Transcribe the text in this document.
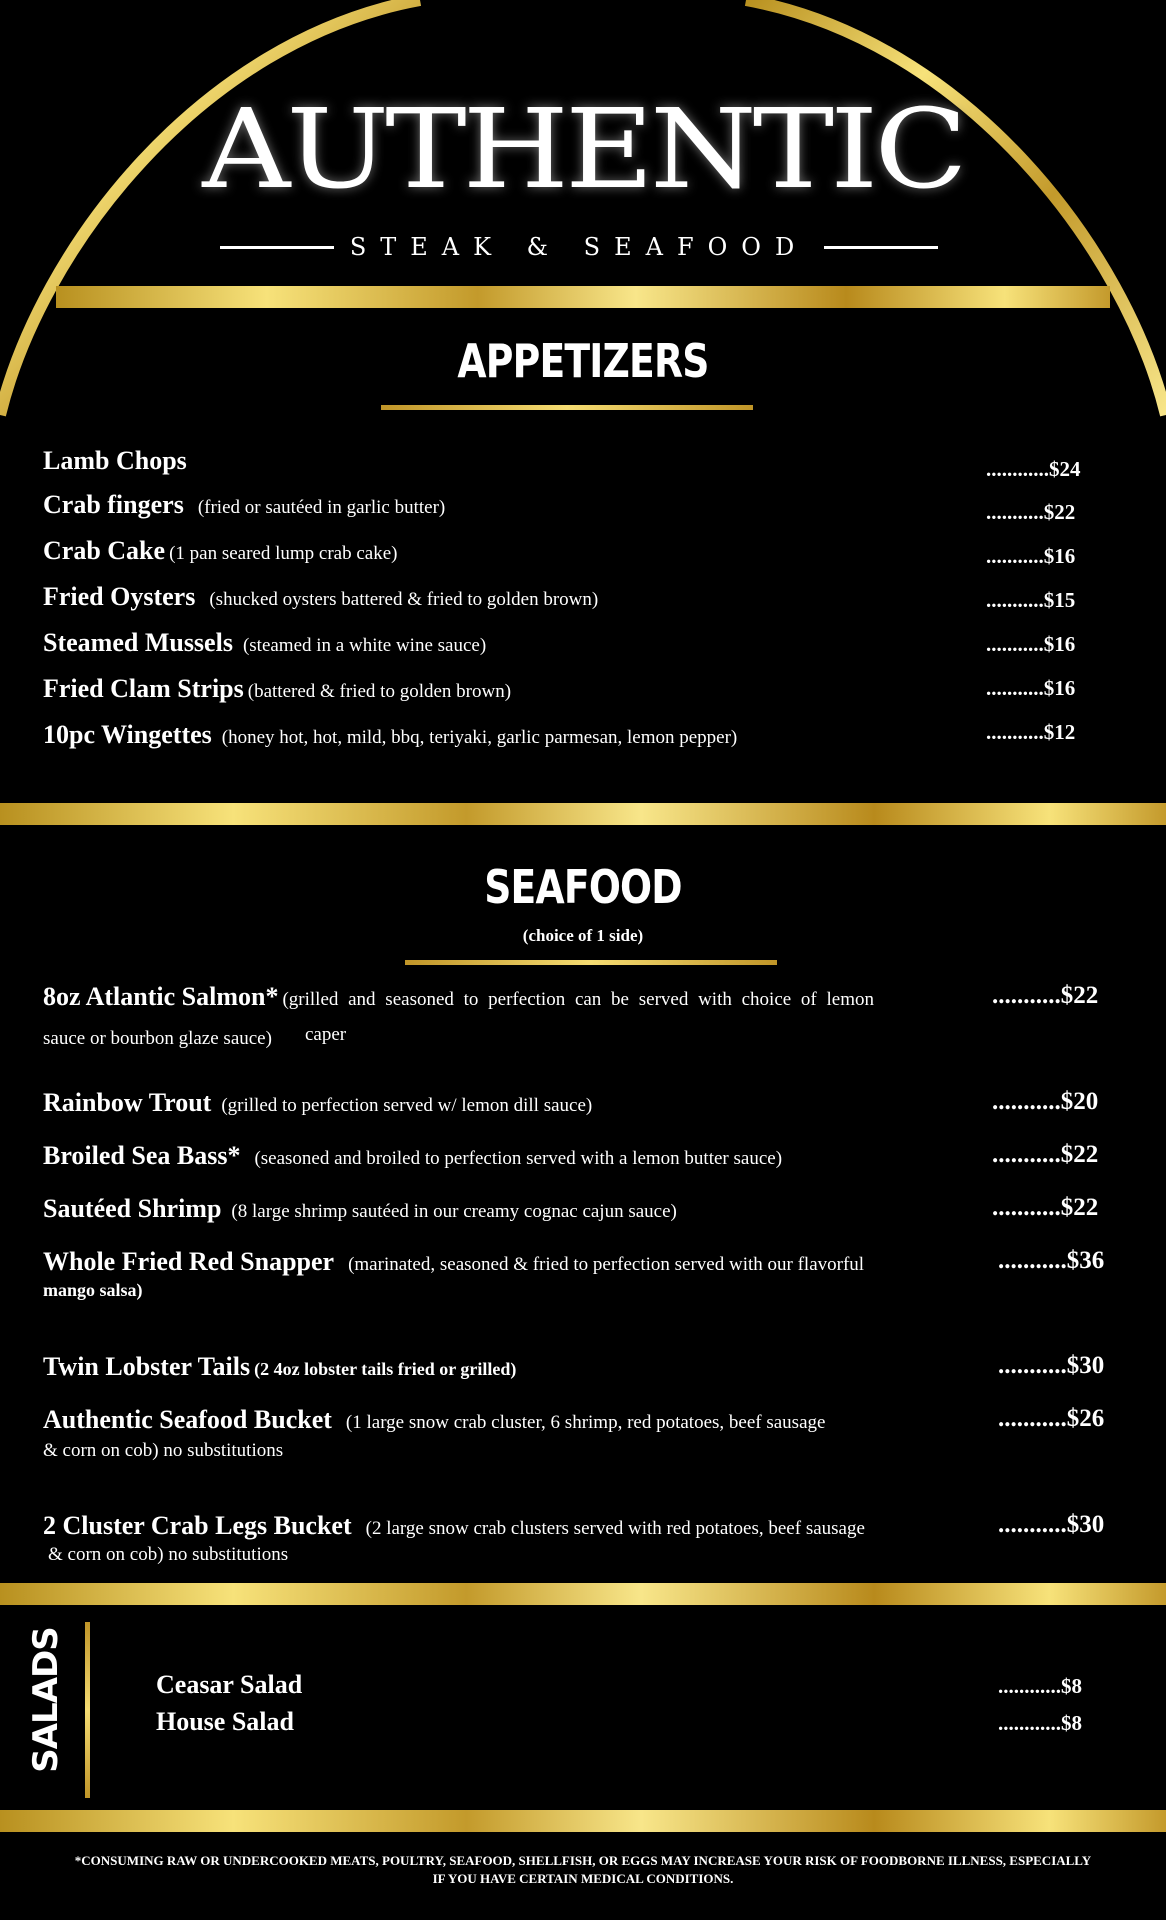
AUTHENTIC
STEAK & SEAFOOD
APPETIZERS
Lamb Chops	............$24
Crab fingers (fried or sautéed in garlic butter)	...........$22
Crab Cake (1 pan seared lump crab cake)	...........$16
Fried Oysters (shucked oysters battered & fried to golden brown)	...........$15
Steamed Mussels (steamed in a white wine sauce)	...........$16
Fried Clam Strips (battered & fried to golden brown)	...........$16
10pc Wingettes (honey hot, hot, mild, bbq, teriyaki, garlic parmesan, lemon pepper)	...........$12
SEAFOOD
(choice of 1 side)
8oz Atlantic Salmon* (grilled and seasoned to perfection can be served with choice of lemon
sauce or bourbon glaze sauce) caper
...........$22
Rainbow Trout (grilled to perfection served w/ lemon dill sauce)	...........$20
Broiled Sea Bass* (seasoned and broiled to perfection served with a lemon butter sauce)	...........$22
Sautéed Shrimp (8 large shrimp sautéed in our creamy cognac cajun sauce)	...........$22
Whole Fried Red Snapper (marinated, seasoned & fried to perfection served with our flavorful
mango salsa)
...........$36
Twin Lobster Tails (2 4oz lobster tails fried or grilled)	...........$30
Authentic Seafood Bucket (1 large snow crab cluster, 6 shrimp, red potatoes, beef sausage
& corn on cob) no substitutions
...........$26
2 Cluster Crab Legs Bucket (2 large snow crab clusters served with red potatoes, beef sausage
& corn on cob) no substitutions
...........$30
SALADS	Ceasar Salad	............$8
House Salad	............$8
*CONSUMING RAW OR UNDERCOOKED MEATS, POULTRY, SEAFOOD, SHELLFISH, OR EGGS MAY INCREASE YOUR RISK OF FOODBORNE ILLNESS, ESPECIALLY
IF YOU HAVE CERTAIN MEDICAL CONDITIONS.
